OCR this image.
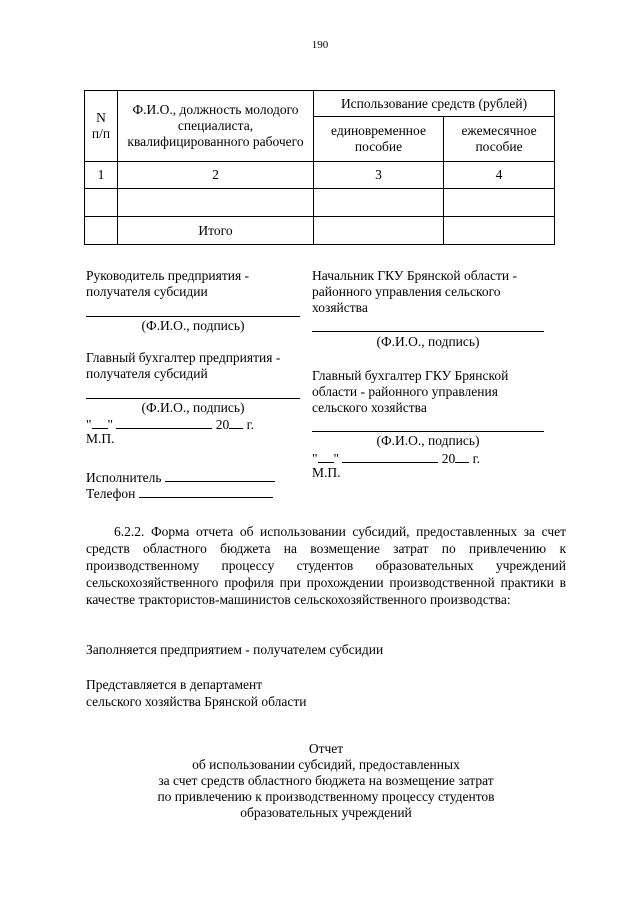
190
N
п/п	Ф.И.О., должность молодого специалиста, квалифицированного рабочего	Использование средств (рублей)	
		единовременное пособие	ежемесячное пособие
1	2	3	4

	Итого		
Руководитель предприятия -
получателя субсидии
(Ф.И.О., подпись)
Главный бухгалтер предприятия -
получателя субсидий
(Ф.И.О., подпись)
" "	20 г.
М.П.
Исполнитель
Телефон
Начальник ГКУ Брянской области -
районного управления сельского
хозяйства
(Ф.И.О., подпись)
Главный бухгалтер ГКУ Брянской
области - районного управления
сельского хозяйства
(Ф.И.О., подпись)
" "	20 г.
М.П.
6.2.2. Форма отчета об использовании субсидий, предоставленных за счет средств областного бюджета на возмещение затрат по привлечению к производственному процессу студентов образовательных учреждений сельскохозяйственного профиля при прохождении производственной практики в качестве трактористов-машинистов сельскохозяйственного производства:
Заполняется предприятием - получателем субсидии
Представляется в департамент
сельского хозяйства Брянской области
Отчет
об использовании субсидий, предоставленных
за счет средств областного бюджета на возмещение затрат
по привлечению к производственному процессу студентов
образовательных учреждений
